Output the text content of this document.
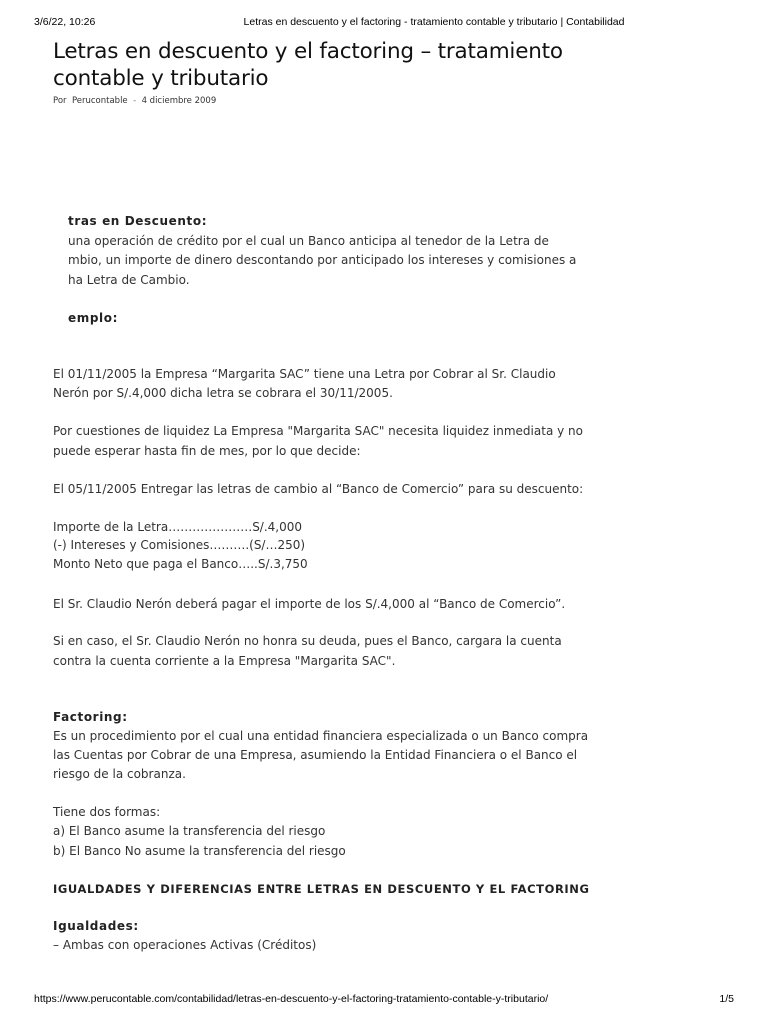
3/6/22, 10:26	Letras en descuento y el factoring - tratamiento contable y tributario | Contabilidad
Letras en descuento y el factoring – tratamiento
contable y tributario
Por Perucontable - 4 diciembre 2009
tras en Descuento:
una operación de crédito por el cual un Banco anticipa al tenedor de la Letra de
mbio, un importe de dinero descontando por anticipado los intereses y comisiones a
ha Letra de Cambio.
emplo:
El 01/11/2005 la Empresa “Margarita SAC” tiene una Letra por Cobrar al Sr. Claudio
Nerón por S/.4,000 dicha letra se cobrara el 30/11/2005.
Por cuestiones de liquidez La Empresa "Margarita SAC" necesita liquidez inmediata y no
puede esperar hasta fin de mes, por lo que decide:
El 05/11/2005 Entregar las letras de cambio al “Banco de Comercio” para su descuento:
Importe de la Letra…………………S/.4,000
(-) Intereses y Comisiones……….(S/…250)
Monto Neto que paga el Banco…..S/.3,750
El Sr. Claudio Nerón deberá pagar el importe de los S/.4,000 al “Banco de Comercio”.
Si en caso, el Sr. Claudio Nerón no honra su deuda, pues el Banco, cargara la cuenta
contra la cuenta corriente a la Empresa "Margarita SAC".
Factoring:
Es un procedimiento por el cual una entidad financiera especializada o un Banco compra
las Cuentas por Cobrar de una Empresa, asumiendo la Entidad Financiera o el Banco el
riesgo de la cobranza.
Tiene dos formas:
a) El Banco asume la transferencia del riesgo
b) El Banco No asume la transferencia del riesgo
IGUALDADES Y DIFERENCIAS ENTRE LETRAS EN DESCUENTO Y EL FACTORING
Igualdades:
– Ambas con operaciones Activas (Créditos)
https://www.perucontable.com/contabilidad/letras-en-descuento-y-el-factoring-tratamiento-contable-y-tributario/	1/5
